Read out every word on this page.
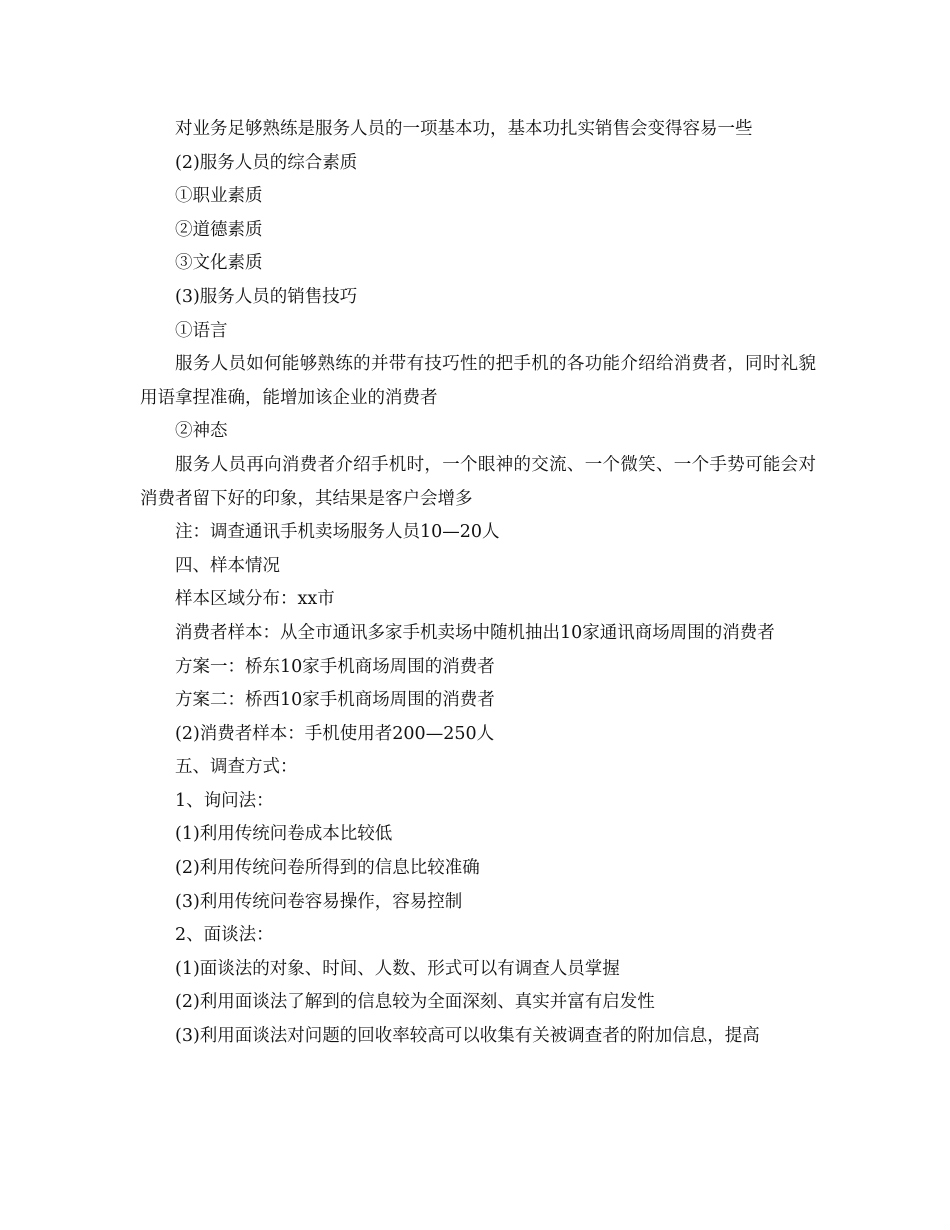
对业务足够熟练是服务人员的一项基本功，基本功扎实销售会变得容易一些

(2)服务人员的综合素质

①职业素质

②道德素质

③文化素质

(3)服务人员的销售技巧

①语言

服务人员如何能够熟练的并带有技巧性的把手机的各功能介绍给消费者，同时礼貌用语拿捏准确，能增加该企业的消费者

②神态

服务人员再向消费者介绍手机时，一个眼神的交流、一个微笑、一个手势可能会对消费者留下好的印象，其结果是客户会增多

注：调查通讯手机卖场服务人员10—20人

四、样本情况

样本区域分布：xx市

消费者样本：从全市通讯多家手机卖场中随机抽出10家通讯商场周围的消费者

方案一：桥东10家手机商场周围的消费者

方案二：桥西10家手机商场周围的消费者

(2)消费者样本：手机使用者200—250人

五、调查方式：

1、询问法：

(1)利用传统问卷成本比较低

(2)利用传统问卷所得到的信息比较准确

(3)利用传统问卷容易操作，容易控制

2、面谈法：

(1)面谈法的对象、时间、人数、形式可以有调查人员掌握

(2)利用面谈法了解到的信息较为全面深刻、真实并富有启发性

(3)利用面谈法对问题的回收率较高可以收集有关被调查者的附加信息，提高
